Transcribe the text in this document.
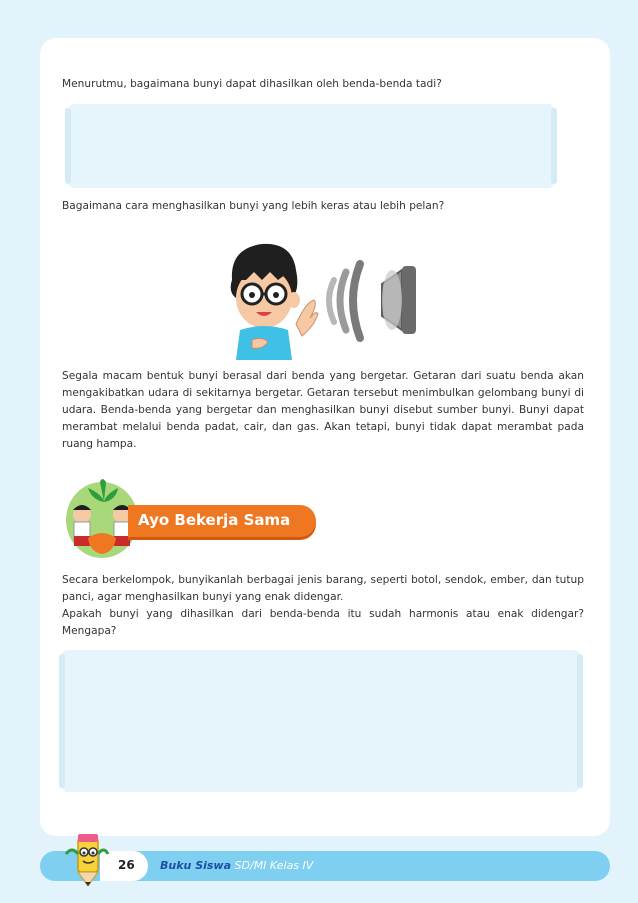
Menurutmu, bagaimana bunyi dapat dihasilkan oleh benda-benda tadi?
Bagaimana cara menghasilkan bunyi yang lebih keras atau lebih pelan?
Segala macam bentuk bunyi berasal dari benda yang bergetar. Getaran dari suatu benda akan mengakibatkan udara di sekitarnya bergetar. Getaran tersebut menimbulkan gelombang bunyi di udara. Benda-benda yang bergetar dan menghasilkan bunyi disebut sumber bunyi. Bunyi dapat merambat melalui benda padat, cair, dan gas. Akan tetapi, bunyi tidak dapat merambat pada ruang hampa.
Ayo Bekerja Sama
Secara berkelompok, bunyikanlah berbagai jenis barang, seperti botol, sendok, ember, dan tutup panci, agar menghasilkan bunyi yang enak didengar.
Apakah bunyi yang dihasilkan dari benda-benda itu sudah harmonis atau enak didengar? Mengapa?
26 Buku Siswa SD/MI Kelas IV
